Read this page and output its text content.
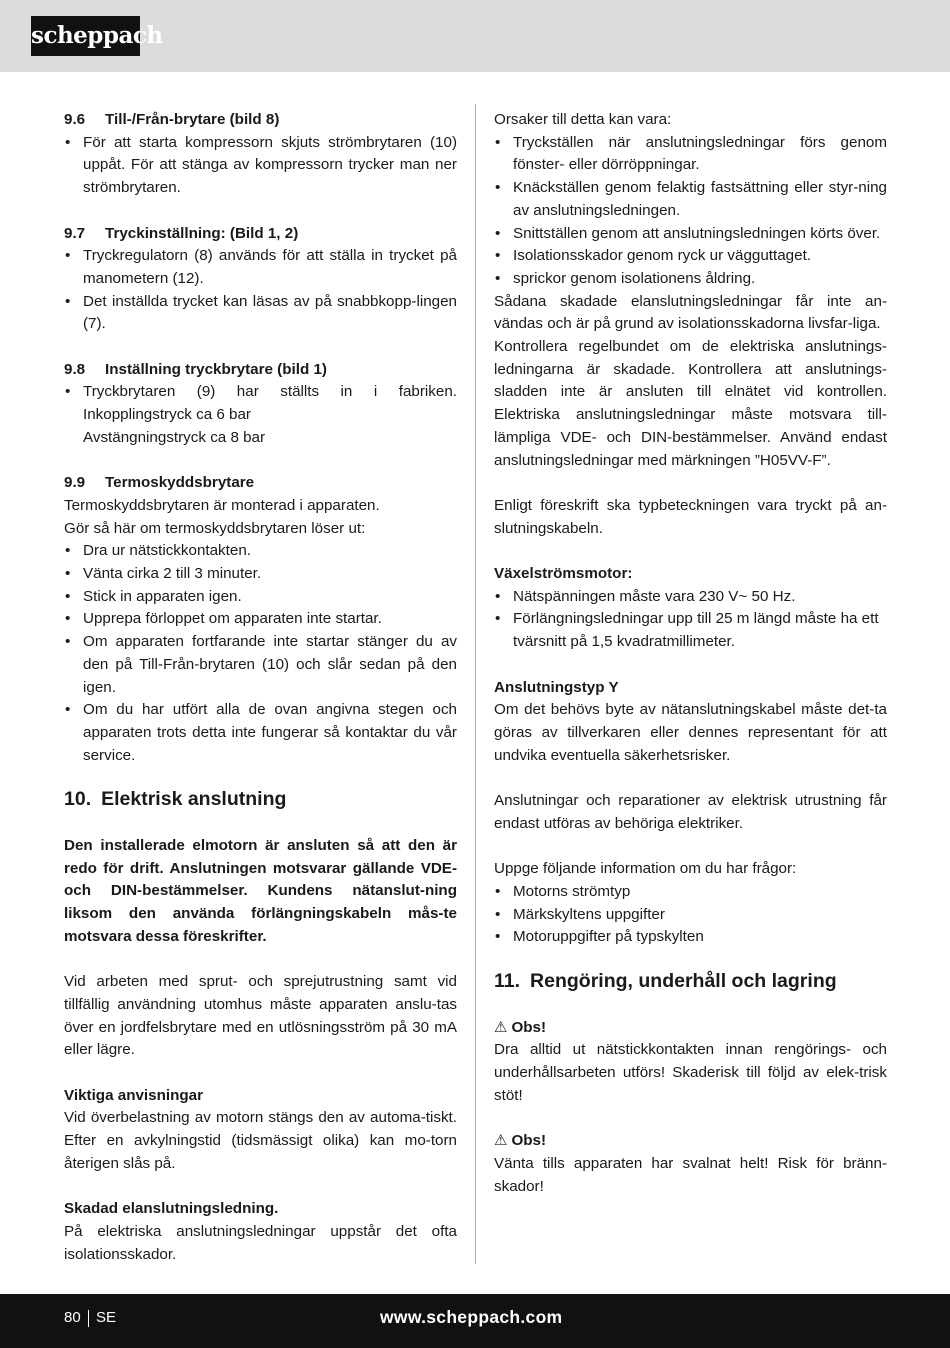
scheppach
9.6 Till-/Från-brytare (bild 8)
• För att starta kompressorn skjuts strömbrytaren (10) uppåt. För att stänga av kompressorn trycker man ner strömbrytaren.
9.7 Tryckinställning: (Bild 1, 2)
• Tryckregulatorn (8) används för att ställa in trycket på manometern (12).
• Det inställda trycket kan läsas av på snabbkopp-lingen (7).
9.8 Inställning tryckbrytare (bild 1)
• Tryckbrytaren (9) har ställts in i fabriken.
Inkopplingstryck ca 6 bar
Avstängningstryck ca 8 bar
9.9 Termoskyddsbrytare
Termoskyddsbrytaren är monterad i apparaten.
Gör så här om termoskyddsbrytaren löser ut:
• Dra ur nätstickkontakten.
• Vänta cirka 2 till 3 minuter.
• Stick in apparaten igen.
• Upprepa förloppet om apparaten inte startar.
• Om apparaten fortfarande inte startar stänger du av den på Till-Från-brytaren (10) och slår sedan på den igen.
• Om du har utfört alla de ovan angivna stegen och apparaten trots detta inte fungerar så kontaktar du vår service.
10. Elektrisk anslutning
Den installerade elmotorn är ansluten så att den är redo för drift. Anslutningen motsvarar gällande VDE- och DIN-bestämmelser. Kundens nätanslut-ning liksom den använda förlängningskabeln mås-te motsvara dessa föreskrifter.
Vid arbeten med sprut- och sprejutrustning samt vid tillfällig användning utomhus måste apparaten anslu-tas över en jordfelsbrytare med en utlösningsström på 30 mA eller lägre.
Viktiga anvisningar
Vid överbelastning av motorn stängs den av automa-tiskt. Efter en avkylningstid (tidsmässigt olika) kan mo-torn återigen slås på.
Skadad elanslutningsledning.
På elektriska anslutningsledningar uppstår det ofta isolationsskador.
Orsaker till detta kan vara:
• Tryckställen när anslutningsledningar förs genom fönster- eller dörröppningar.
• Knäckställen genom felaktig fastsättning eller styr-ning av anslutningsledningen.
• Snittställen genom att anslutningsledningen körts över.
• Isolationsskador genom ryck ur vägguttaget.
• sprickor genom isolationens åldring.
Sådana skadade elanslutningsledningar får inte an-vändas och är på grund av isolationsskadorna livsfar-liga.
Kontrollera regelbundet om de elektriska anslutnings-ledningarna är skadade. Kontrollera att anslutnings-sladden inte är ansluten till elnätet vid kontrollen. Elektriska anslutningsledningar måste motsvara till-lämpliga VDE- och DIN-bestämmelser. Använd endast anslutningsledningar med märkningen ”H05VV-F”.
Enligt föreskrift ska typbeteckningen vara tryckt på an-slutningskabeln.
Växelströmsmotor:
• Nätspänningen måste vara 230 V~ 50 Hz.
• Förlängningsledningar upp till 25 m längd måste ha ett tvärsnitt på 1,5 kvadratmillimeter.
Anslutningstyp Y
Om det behövs byte av nätanslutningskabel måste det-ta göras av tillverkaren eller dennes representant för att undvika eventuella säkerhetsrisker.
Anslutningar och reparationer av elektrisk utrustning får endast utföras av behöriga elektriker.
Uppge följande information om du har frågor:
• Motorns strömtyp
• Märkskyltens uppgifter
• Motoruppgifter på typskylten
11. Rengöring, underhåll och lagring
⚠ Obs!
Dra alltid ut nätstickkontakten innan rengörings- och underhållsarbeten utförs! Skaderisk till följd av elek-trisk stöt!
⚠ Obs!
Vänta tills apparaten har svalnat helt! Risk för bränn-skador!
80 SE	www.scheppach.com
